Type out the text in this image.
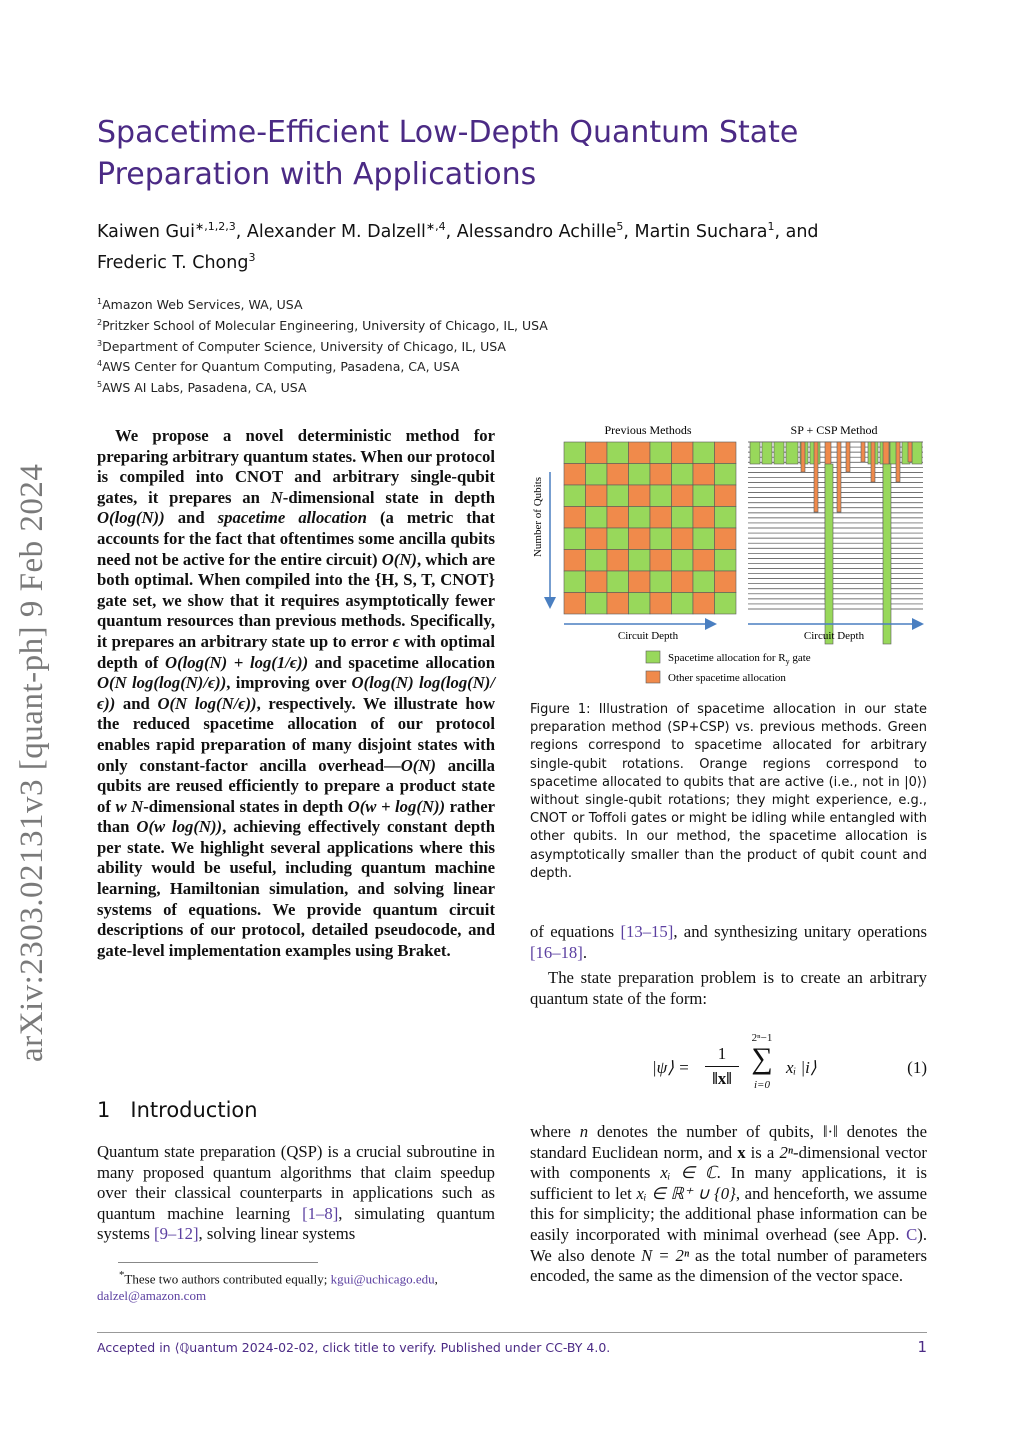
Spacetime-Efficient Low-Depth Quantum State Preparation with Applications
Kaiwen Gui$^{∗,1,2,3}$, Alexander M. Dalzell$^{∗,4}$, Alessandro Achille$^5$, Martin Suchara$^1$, and
Frederic T. Chong$^3$
$^1$Amazon Web Services, WA, USA
$^2$Pritzker School of Molecular Engineering, University of Chicago, IL, USA
$^3$Department of Computer Science, University of Chicago, IL, USA
$^4$AWS Center for Quantum Computing, Pasadena, CA, USA
$^5$AWS AI Labs, Pasadena, CA, USA
arXiv:2303.02131v3 [quant-ph] 9 Feb 2024
We propose a novel deterministic method for preparing arbitrary quantum states. When our protocol is compiled into CNOT and arbitrary single-qubit gates, it prepares an N-dimensional state in depth O(log(N)) and spacetime allocation (a metric that accounts for the fact that oftentimes some ancilla qubits need not be active for the entire circuit) O(N), which are both optimal. When compiled into the {H, S, T, CNOT} gate set, we show that it requires asymptotically fewer quantum resources than previous methods. Specifically, it prepares an arbitrary state up to error ϵ with optimal depth of O(log(N) + log(1/ϵ)) and spacetime allocation O(N log(log(N)/ϵ)), improving over O(log(N) log(log(N)/ϵ)) and O(N log(N/ϵ)), respectively. We illustrate how the reduced spacetime allocation of our protocol enables rapid preparation of many disjoint states with only constant-factor ancilla overhead—O(N) ancilla qubits are reused efficiently to prepare a product state of w N-dimensional states in depth O(w + log(N)) rather than O(w log(N)), achieving effectively constant depth per state. We highlight several applications where this ability would be useful, including quantum machine learning, Hamiltonian simulation, and solving linear systems of equations. We provide quantum circuit descriptions of our protocol, detailed pseudocode, and gate-level implementation examples using Braket.
1 Introduction
Quantum state preparation (QSP) is a crucial subroutine in many proposed quantum algorithms that claim speedup over their classical counterparts in applications such as quantum machine learning [1–8], simulating quantum systems [9–12], solving linear systems
*These two authors contributed equally; kgui@uchicago.edu,
dalzel@amazon.com
Previous Methods	SP + CSP Method
Number of Qubits
Circuit Depth	Circuit Depth
Spacetime allocation for $R_y$ gate
Other spacetime allocation
Figure 1: Illustration of spacetime allocation in our state preparation method (SP+CSP) vs. previous methods. Green regions correspond to spacetime allocated for arbitrary single-qubit rotations. Orange regions correspond to spacetime allocated to qubits that are active (i.e., not in |0⟩) without single-qubit rotations; they might experience, e.g., CNOT or Toffoli gates or might be idling while entangled with other qubits. In our method, the spacetime allocation is asymptotically smaller than the product of qubit count and depth.
of equations [13–15], and synthesizing unitary operations [16–18].
The state preparation problem is to create an arbitrary quantum state of the form:
|ψ⟩ =
1
‖x‖
2ⁿ−1
∑
i=0
xᵢ |i⟩	(1)
where n denotes the number of qubits, ‖·‖ denotes the standard Euclidean norm, and x is a 2ⁿ-dimensional vector with components xᵢ ∈ ℂ. In many applications, it is sufficient to let xᵢ ∈ ℝ⁺ ∪ {0}, and henceforth, we assume this for simplicity; the additional phase information can be easily incorporated with minimal overhead (see App. C). We also denote N = 2ⁿ as the total number of parameters encoded, the same as the dimension of the vector space.
Accepted in ⟨ℚuantum 2024-02-02, click title to verify. Published under CC-BY 4.0.	1
